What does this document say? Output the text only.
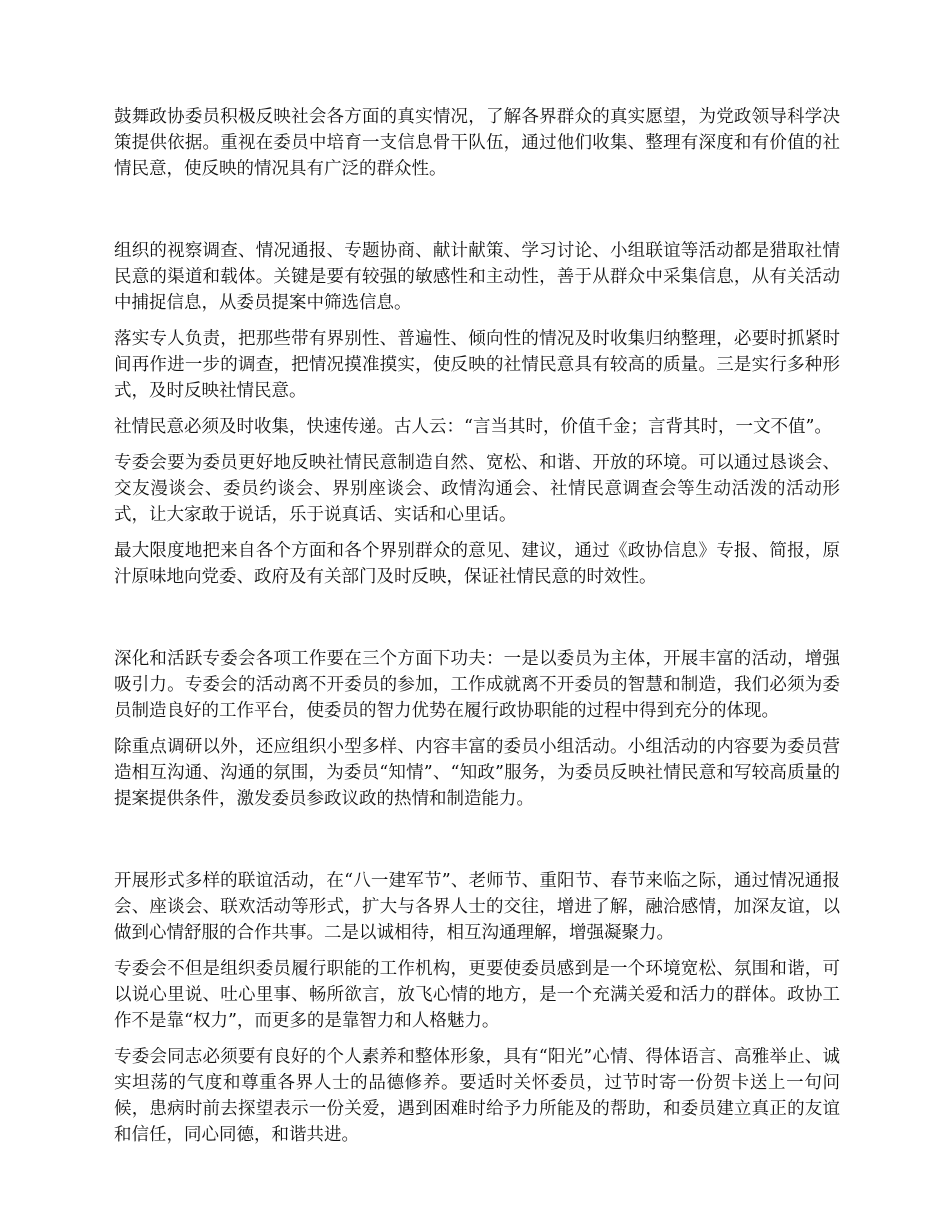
鼓舞政协委员积极反映社会各方面的真实情况，了解各界群众的真实愿望，为党政领导科学决策提供依据。重视在委员中培育一支信息骨干队伍，通过他们收集、整理有深度和有价值的社情民意，使反映的情况具有广泛的群众性。

组织的视察调查、情况通报、专题协商、献计献策、学习讨论、小组联谊等活动都是猎取社情民意的渠道和载体。关键是要有较强的敏感性和主动性，善于从群众中采集信息，从有关活动中捕捉信息，从委员提案中筛选信息。

落实专人负责，把那些带有界别性、普遍性、倾向性的情况及时收集归纳整理，必要时抓紧时间再作进一步的调查，把情况摸准摸实，使反映的社情民意具有较高的质量。三是实行多种形式，及时反映社情民意。

社情民意必须及时收集，快速传递。古人云：“言当其时，价值千金；言背其时，一文不值”。

专委会要为委员更好地反映社情民意制造自然、宽松、和谐、开放的环境。可以通过恳谈会、交友漫谈会、委员约谈会、界别座谈会、政情沟通会、社情民意调查会等生动活泼的活动形式，让大家敢于说话，乐于说真话、实话和心里话。

最大限度地把来自各个方面和各个界别群众的意见、建议，通过《政协信息》专报、简报，原汁原味地向党委、政府及有关部门及时反映，保证社情民意的时效性。

深化和活跃专委会各项工作要在三个方面下功夫：一是以委员为主体，开展丰富的活动，增强吸引力。专委会的活动离不开委员的参加，工作成就离不开委员的智慧和制造，我们必须为委员制造良好的工作平台，使委员的智力优势在履行政协职能的过程中得到充分的体现。

除重点调研以外，还应组织小型多样、内容丰富的委员小组活动。小组活动的内容要为委员营造相互沟通、沟通的氛围，为委员“知情”、“知政”服务，为委员反映社情民意和写较高质量的提案提供条件，激发委员参政议政的热情和制造能力。

开展形式多样的联谊活动，在“八一建军节”、老师节、重阳节、春节来临之际，通过情况通报会、座谈会、联欢活动等形式，扩大与各界人士的交往，增进了解，融洽感情，加深友谊，以做到心情舒服的合作共事。二是以诚相待，相互沟通理解，增强凝聚力。

专委会不但是组织委员履行职能的工作机构，更要使委员感到是一个环境宽松、氛围和谐，可以说心里说、吐心里事、畅所欲言，放飞心情的地方，是一个充满关爱和活力的群体。政协工作不是靠“权力”，而更多的是靠智力和人格魅力。

专委会同志必须要有良好的个人素养和整体形象，具有“阳光”心情、得体语言、高雅举止、诚实坦荡的气度和尊重各界人士的品德修养。要适时关怀委员，过节时寄一份贺卡送上一句问候，患病时前去探望表示一份关爱，遇到困难时给予力所能及的帮助，和委员建立真正的友谊和信任，同心同德，和谐共进。
